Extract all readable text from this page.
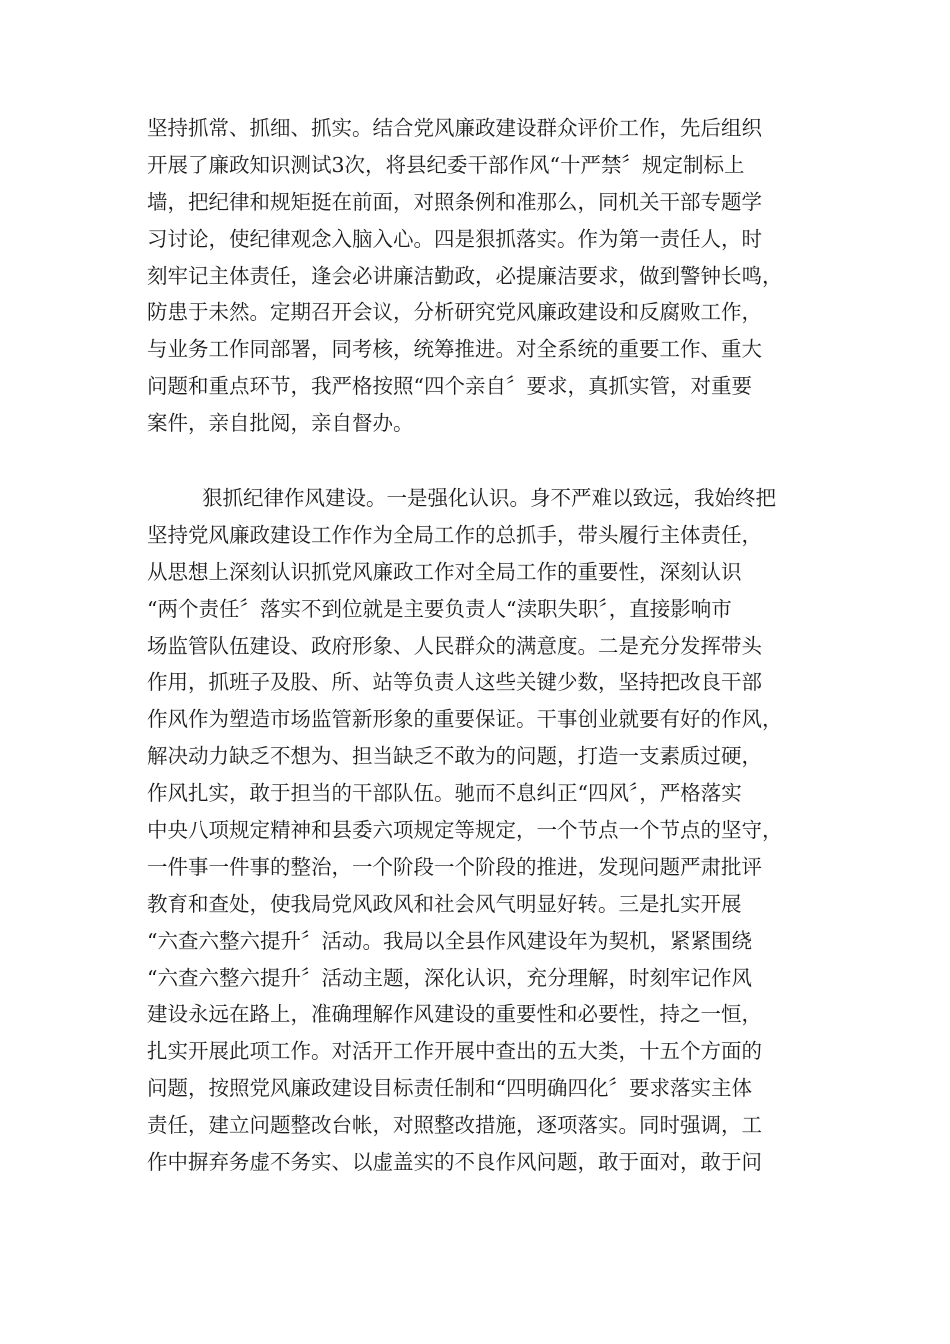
坚持抓常、抓细、抓实。结合党风廉政建设群众评价工作，先后组织
开展了廉政知识测试3次，将县纪委干部作风“十严禁〞规定制标上
墙，把纪律和规矩挺在前面，对照条例和准那么，同机关干部专题学
习讨论，使纪律观念入脑入心。四是狠抓落实。作为第一责任人，时
刻牢记主体责任，逢会必讲廉洁勤政，必提廉洁要求，做到警钟长鸣，
防患于未然。定期召开会议，分析研究党风廉政建设和反腐败工作，
与业务工作同部署，同考核，统筹推进。对全系统的重要工作、重大
问题和重点环节，我严格按照“四个亲自〞要求，真抓实管，对重要
案件，亲自批阅，亲自督办。
狠抓纪律作风建设。一是强化认识。身不严难以致远，我始终把
坚持党风廉政建设工作作为全局工作的总抓手，带头履行主体责任，
从思想上深刻认识抓党风廉政工作对全局工作的重要性，深刻认识
“两个责任〞落实不到位就是主要负责人“渎职失职〞，直接影响市
场监管队伍建设、政府形象、人民群众的满意度。二是充分发挥带头
作用，抓班子及股、所、站等负责人这些关键少数，坚持把改良干部
作风作为塑造市场监管新形象的重要保证。干事创业就要有好的作风，
解决动力缺乏不想为、担当缺乏不敢为的问题，打造一支素质过硬，
作风扎实，敢于担当的干部队伍。驰而不息纠正“四风〞，严格落实
中央八项规定精神和县委六项规定等规定，一个节点一个节点的坚守，
一件事一件事的整治，一个阶段一个阶段的推进，发现问题严肃批评
教育和查处，使我局党风政风和社会风气明显好转。三是扎实开展
“六查六整六提升〞活动。我局以全县作风建设年为契机，紧紧围绕
“六查六整六提升〞活动主题，深化认识，充分理解，时刻牢记作风
建设永远在路上，准确理解作风建设的重要性和必要性，持之一恒，
扎实开展此项工作。对活开工作开展中查出的五大类，十五个方面的
问题，按照党风廉政建设目标责任制和“四明确四化〞要求落实主体
责任，建立问题整改台帐，对照整改措施，逐项落实。同时强调，工
作中摒弃务虚不务实、以虚盖实的不良作风问题，敢于面对，敢于问
